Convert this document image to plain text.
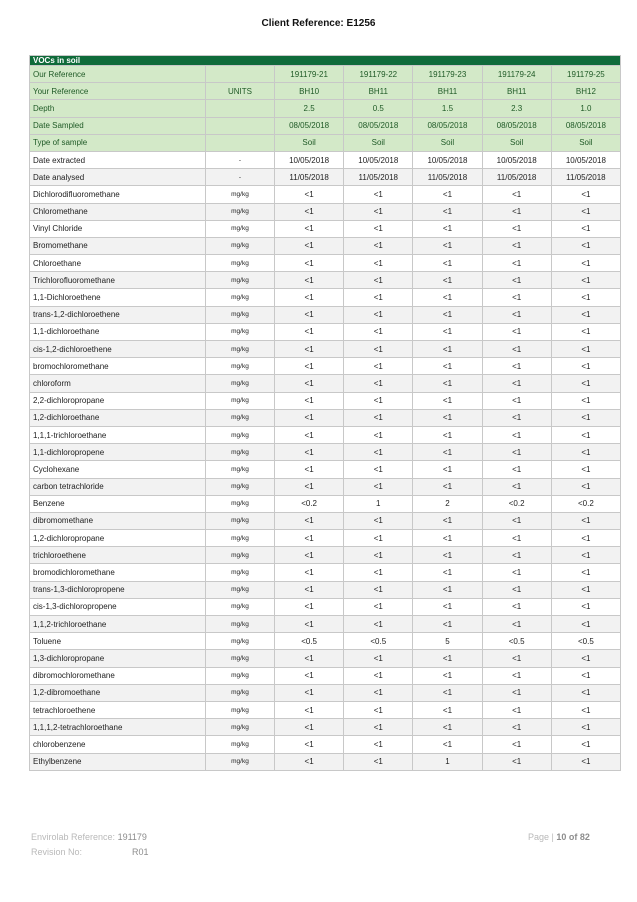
Client Reference: E1256
VOCs in soil						
Our Reference		191179-21	191179-22	191179-23	191179-24	191179-25
Your Reference	UNITS	BH10	BH11	BH11	BH11	BH12
Depth		2.5	0.5	1.5	2.3	1.0
Date Sampled		08/05/2018	08/05/2018	08/05/2018	08/05/2018	08/05/2018
Type of sample		Soil	Soil	Soil	Soil	Soil
Date extracted	-	10/05/2018	10/05/2018	10/05/2018	10/05/2018	10/05/2018
Date analysed	-	11/05/2018	11/05/2018	11/05/2018	11/05/2018	11/05/2018
Dichlorodifluoromethane	mg/kg	<1	<1	<1	<1	<1
Chloromethane	mg/kg	<1	<1	<1	<1	<1
Vinyl Chloride	mg/kg	<1	<1	<1	<1	<1
Bromomethane	mg/kg	<1	<1	<1	<1	<1
Chloroethane	mg/kg	<1	<1	<1	<1	<1
Trichlorofluoromethane	mg/kg	<1	<1	<1	<1	<1
1,1-Dichloroethene	mg/kg	<1	<1	<1	<1	<1
trans-1,2-dichloroethene	mg/kg	<1	<1	<1	<1	<1
1,1-dichloroethane	mg/kg	<1	<1	<1	<1	<1
cis-1,2-dichloroethene	mg/kg	<1	<1	<1	<1	<1
bromochloromethane	mg/kg	<1	<1	<1	<1	<1
chloroform	mg/kg	<1	<1	<1	<1	<1
2,2-dichloropropane	mg/kg	<1	<1	<1	<1	<1
1,2-dichloroethane	mg/kg	<1	<1	<1	<1	<1
1,1,1-trichloroethane	mg/kg	<1	<1	<1	<1	<1
1,1-dichloropropene	mg/kg	<1	<1	<1	<1	<1
Cyclohexane	mg/kg	<1	<1	<1	<1	<1
carbon tetrachloride	mg/kg	<1	<1	<1	<1	<1
Benzene	mg/kg	<0.2	1	2	<0.2	<0.2
dibromomethane	mg/kg	<1	<1	<1	<1	<1
1,2-dichloropropane	mg/kg	<1	<1	<1	<1	<1
trichloroethene	mg/kg	<1	<1	<1	<1	<1
bromodichloromethane	mg/kg	<1	<1	<1	<1	<1
trans-1,3-dichloropropene	mg/kg	<1	<1	<1	<1	<1
cis-1,3-dichloropropene	mg/kg	<1	<1	<1	<1	<1
1,1,2-trichloroethane	mg/kg	<1	<1	<1	<1	<1
Toluene	mg/kg	<0.5	<0.5	5	<0.5	<0.5
1,3-dichloropropane	mg/kg	<1	<1	<1	<1	<1
dibromochloromethane	mg/kg	<1	<1	<1	<1	<1
1,2-dibromoethane	mg/kg	<1	<1	<1	<1	<1
tetrachloroethene	mg/kg	<1	<1	<1	<1	<1
1,1,1,2-tetrachloroethane	mg/kg	<1	<1	<1	<1	<1
chlorobenzene	mg/kg	<1	<1	<1	<1	<1
Ethylbenzene	mg/kg	<1	<1	1	<1	<1
Envirolab Reference: 191179
Revision No:	R01
Page | 10 of 82
